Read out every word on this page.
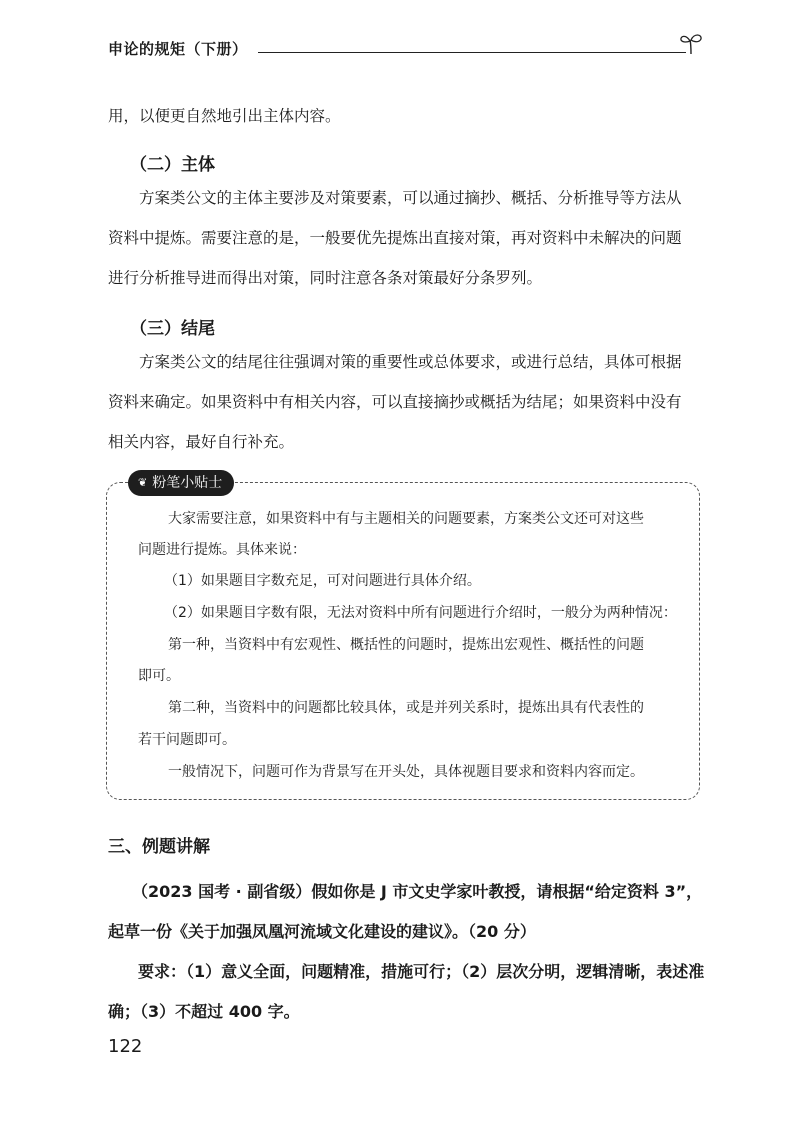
申论的规矩（下册）

用，以便更自然地引出主体内容。

（二）主体

方案类公文的主体主要涉及对策要素，可以通过摘抄、概括、分析推导等方法从

资料中提炼。需要注意的是，一般要优先提炼出直接对策，再对资料中未解决的问题

进行分析推导进而得出对策，同时注意各条对策最好分条罗列。

（三）结尾

方案类公文的结尾往往强调对策的重要性或总体要求，或进行总结，具体可根据

资料来确定。如果资料中有相关内容，可以直接摘抄或概括为结尾；如果资料中没有

相关内容，最好自行补充。

❦ 粉笔小贴士

大家需要注意，如果资料中有与主题相关的问题要素，方案类公文还可对这些

问题进行提炼。具体来说：

（1）如果题目字数充足，可对问题进行具体介绍。

（2）如果题目字数有限，无法对资料中所有问题进行介绍时，一般分为两种情况：

第一种，当资料中有宏观性、概括性的问题时，提炼出宏观性、概括性的问题

即可。

第二种，当资料中的问题都比较具体，或是并列关系时，提炼出具有代表性的

若干问题即可。

一般情况下，问题可作为背景写在开头处，具体视题目要求和资料内容而定。

三、例题讲解

（2023 国考 · 副省级）假如你是 J 市文史学家叶教授，请根据“给定资料 3”，

起草一份《关于加强凤凰河流域文化建设的建议》。（20 分）

要求：（1）意义全面，问题精准，措施可行；（2）层次分明，逻辑清晰，表述准

确；（3）不超过 400 字。

122
